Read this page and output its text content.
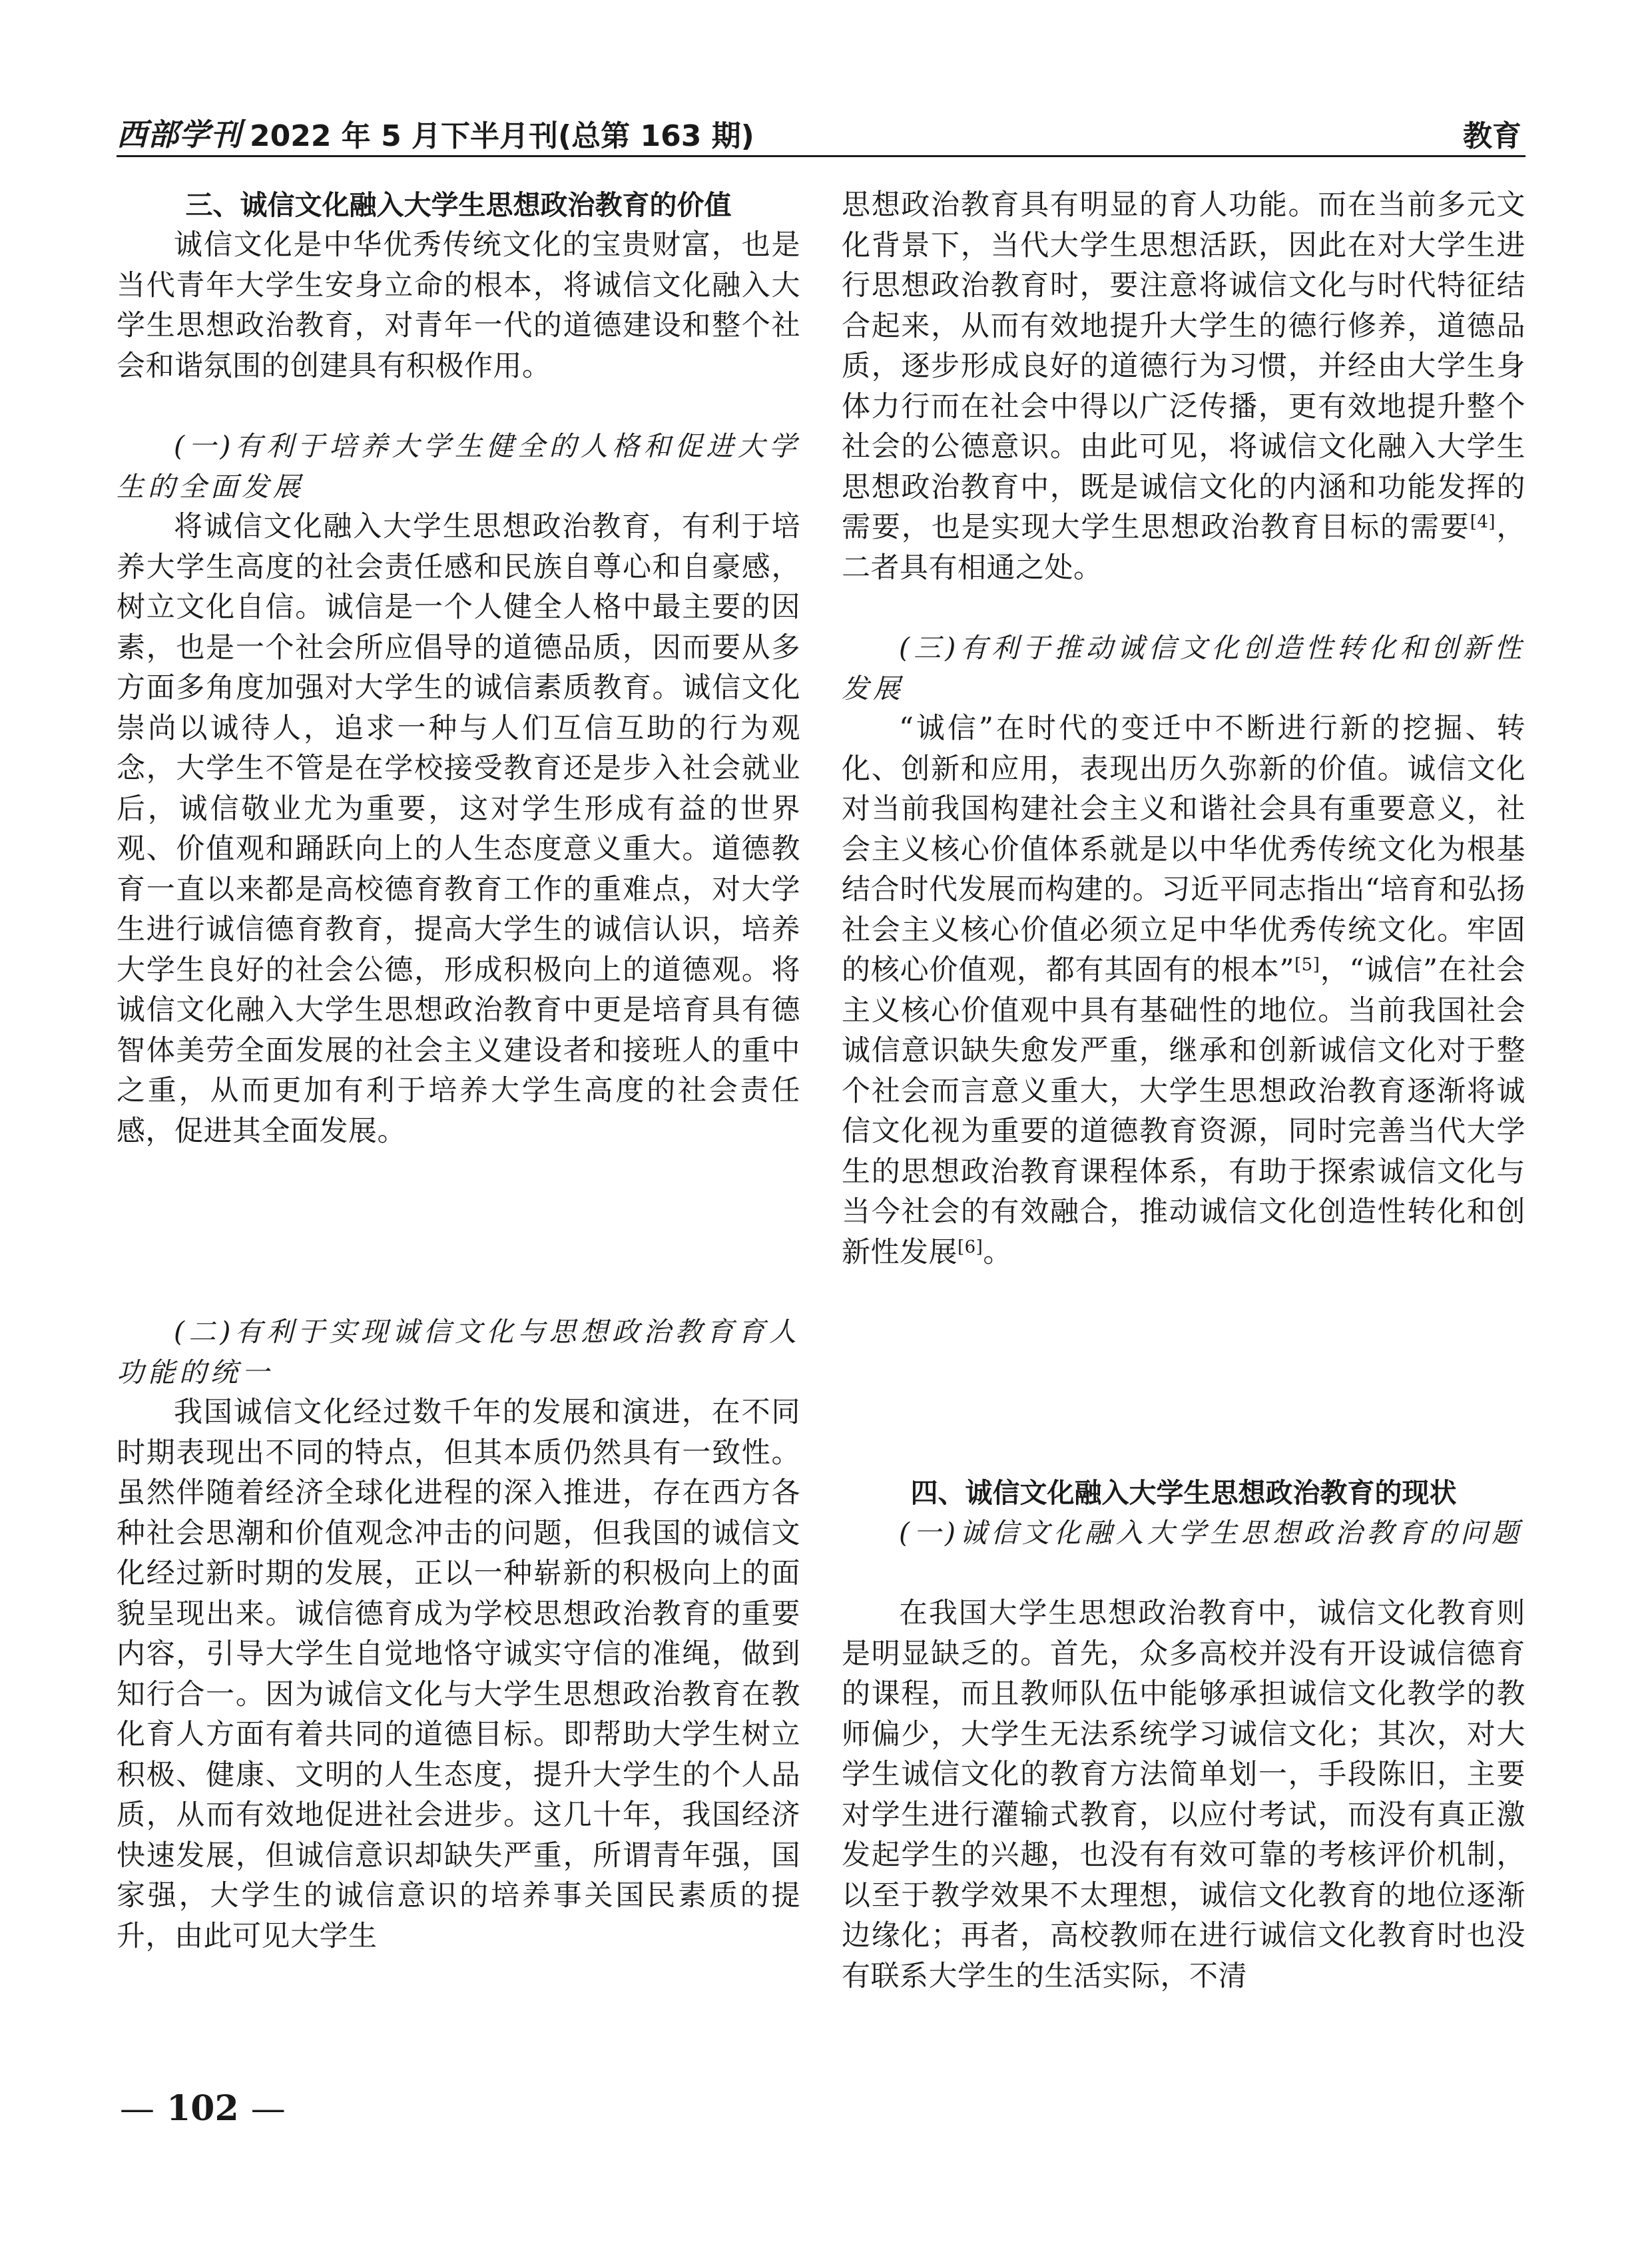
西部学刊 2022 年 5 月下半月刊(总第 163 期)	教育
三、诚信文化融入大学生思想政治教育的价值

诚信文化是中华优秀传统文化的宝贵财富，也是当代青年大学生安身立命的根本，将诚信文化融入大学生思想政治教育，对青年一代的道德建设和整个社会和谐氛围的创建具有积极作用。

(一)有利于培养大学生健全的人格和促进大学生的全面发展

将诚信文化融入大学生思想政治教育，有利于培养大学生高度的社会责任感和民族自尊心和自豪感，树立文化自信。诚信是一个人健全人格中最主要的因素，也是一个社会所应倡导的道德品质，因而要从多方面多角度加强对大学生的诚信素质教育。诚信文化崇尚以诚待人，追求一种与人们互信互助的行为观念，大学生不管是在学校接受教育还是步入社会就业后，诚信敬业尤为重要，这对学生形成有益的世界观、价值观和踊跃向上的人生态度意义重大。道德教育一直以来都是高校德育教育工作的重难点，对大学生进行诚信德育教育，提高大学生的诚信认识，培养大学生良好的社会公德，形成积极向上的道德观。将诚信文化融入大学生思想政治教育中更是培育具有德智体美劳全面发展的社会主义建设者和接班人的重中之重，从而更加有利于培养大学生高度的社会责任感，促进其全面发展。

(二)有利于实现诚信文化与思想政治教育育人功能的统一

我国诚信文化经过数千年的发展和演进，在不同时期表现出不同的特点，但其本质仍然具有一致性。虽然伴随着经济全球化进程的深入推进，存在西方各种社会思潮和价值观念冲击的问题，但我国的诚信文化经过新时期的发展，正以一种崭新的积极向上的面貌呈现出来。诚信德育成为学校思想政治教育的重要内容，引导大学生自觉地恪守诚实守信的准绳，做到知行合一。因为诚信文化与大学生思想政治教育在教化育人方面有着共同的道德目标。即帮助大学生树立积极、健康、文明的人生态度，提升大学生的个人品质，从而有效地促进社会进步。这几十年，我国经济快速发展，但诚信意识却缺失严重，所谓青年强，国家强，大学生的诚信意识的培养事关国民素质的提升，由此可见大学生

思想政治教育具有明显的育人功能。而在当前多元文化背景下，当代大学生思想活跃，因此在对大学生进行思想政治教育时，要注意将诚信文化与时代特征结合起来，从而有效地提升大学生的德行修养，道德品质，逐步形成良好的道德行为习惯，并经由大学生身体力行而在社会中得以广泛传播，更有效地提升整个社会的公德意识。由此可见，将诚信文化融入大学生思想政治教育中，既是诚信文化的内涵和功能发挥的需要，也是实现大学生思想政治教育目标的需要[4]，二者具有相通之处。

(三)有利于推动诚信文化创造性转化和创新性发展

“诚信”在时代的变迁中不断进行新的挖掘、转化、创新和应用，表现出历久弥新的价值。诚信文化对当前我国构建社会主义和谐社会具有重要意义，社会主义核心价值体系就是以中华优秀传统文化为根基结合时代发展而构建的。习近平同志指出“培育和弘扬社会主义核心价值必须立足中华优秀传统文化。牢固的核心价值观，都有其固有的根本”[5]，“诚信”在社会主义核心价值观中具有基础性的地位。当前我国社会诚信意识缺失愈发严重，继承和创新诚信文化对于整个社会而言意义重大，大学生思想政治教育逐渐将诚信文化视为重要的道德教育资源，同时完善当代大学生的思想政治教育课程体系，有助于探索诚信文化与当今社会的有效融合，推动诚信文化创造性转化和创新性发展[6]。

四、诚信文化融入大学生思想政治教育的现状

(一)诚信文化融入大学生思想政治教育的问题

在我国大学生思想政治教育中，诚信文化教育则是明显缺乏的。首先，众多高校并没有开设诚信德育的课程，而且教师队伍中能够承担诚信文化教学的教师偏少，大学生无法系统学习诚信文化；其次，对大学生诚信文化的教育方法简单划一，手段陈旧，主要对学生进行灌输式教育，以应付考试，而没有真正激发起学生的兴趣，也没有有效可靠的考核评价机制，以至于教学效果不太理想，诚信文化教育的地位逐渐边缘化；再者，高校教师在进行诚信文化教育时也没有联系大学生的生活实际，不清

— 102 —
